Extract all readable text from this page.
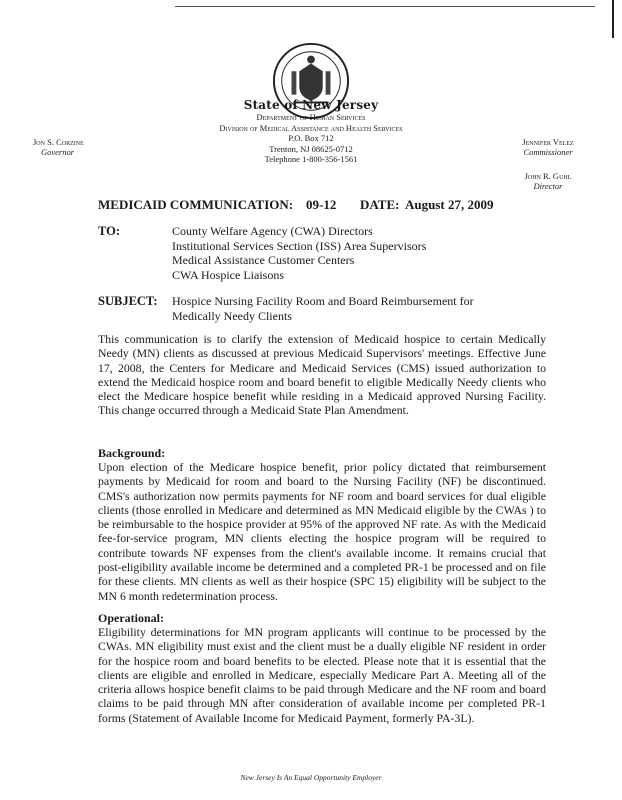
State of New Jersey
Department of Human Services
Division of Medical Assistance and Health Services
P.O. Box 712
Trenton, NJ 08625-0712
Telephone 1-800-356-1561
Jon S. Corzine
Governor
Jennifer Velez
Commissioner
John R. Guhl
Director
MEDICAID COMMUNICATION: 09-12 DATE: August 27, 2009
TO:	County Welfare Agency (CWA) Directors
Institutional Services Section (ISS) Area Supervisors
Medical Assistance Customer Centers
CWA Hospice Liaisons
SUBJECT: Hospice Nursing Facility Room and Board Reimbursement for
Medically Needy Clients
This communication is to clarify the extension of Medicaid hospice to certain Medically Needy (MN) clients as discussed at previous Medicaid Supervisors' meetings. Effective June 17, 2008, the Centers for Medicare and Medicaid Services (CMS) issued authorization to extend the Medicaid hospice room and board benefit to eligible Medically Needy clients who elect the Medicare hospice benefit while residing in a Medicaid approved Nursing Facility. This change occurred through a Medicaid State Plan Amendment.
Background:
Upon election of the Medicare hospice benefit, prior policy dictated that reimbursement payments by Medicaid for room and board to the Nursing Facility (NF) be discontinued. CMS's authorization now permits payments for NF room and board services for dual eligible clients (those enrolled in Medicare and determined as MN Medicaid eligible by the CWAs ) to be reimbursable to the hospice provider at 95% of the approved NF rate. As with the Medicaid fee-for-service program, MN clients electing the hospice program will be required to contribute towards NF expenses from the client's available income. It remains crucial that post-eligibility available income be determined and a completed PR-1 be processed and on file for these clients. MN clients as well as their hospice (SPC 15) eligibility will be subject to the MN 6 month redetermination process.
Operational:
Eligibility determinations for MN program applicants will continue to be processed by the CWAs. MN eligibility must exist and the client must be a dually eligible NF resident in order for the hospice room and board benefits to be elected. Please note that it is essential that the clients are eligible and enrolled in Medicare, especially Medicare Part A. Meeting all of the criteria allows hospice benefit claims to be paid through Medicare and the NF room and board claims to be paid through MN after consideration of available income per completed PR-1 forms (Statement of Available Income for Medicaid Payment, formerly PA-3L).
New Jersey Is An Equal Opportunity Employer
